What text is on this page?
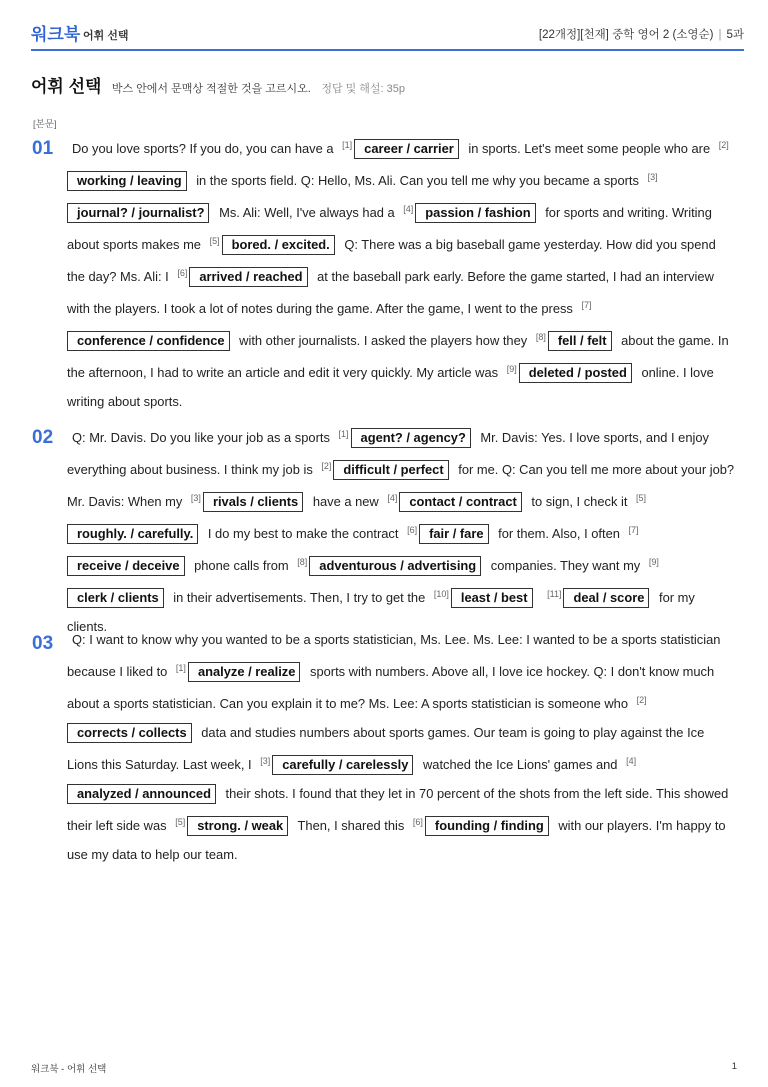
워크북 어휘 선택	[22개정][천재] 중학 영어 2 (소영순) | 5과
어휘 선택 박스 안에서 문맥상 적절한 것을 고르시오. 정답 및 해설: 35p
[본문]
01	Do you love sports? If you do, you can have a [1] career / carrier in sports. Let's meet some people who are [2]working / leaving in the sports field. Q: Hello, Ms. Ali. Can you tell me why you became a sports [3]journal? / journalist? Ms. Ali: Well, I've always had a [4] passion / fashion for sports and writing. Writing about sports makes me [5] bored. / excited. Q: There was a big baseball game yesterday. How did you spend the day? Ms. Ali: I [6] arrived / reached at the baseball park early. Before the game started, I had an interview with the players. I took a lot of notes during the game. After the game, I went to the press [7]conference / confidence with other journalists. I asked the players how they [8] fell / felt about the game. In the afternoon, I had to write an article and edit it very quickly. My article was [9] deleted / posted online. I love writing about sports.
02	Q: Mr. Davis. Do you like your job as a sports [1] agent? / agency? Mr. Davis: Yes. I love sports, and I enjoy everything about business. I think my job is [2] difficult / perfect for me. Q: Can you tell me more about your job? Mr. Davis: When my [3] rivals / clients have a new [4] contact / contract to sign, I check it [5]roughly. / carefully. I do my best to make the contract [6] fair / fare for them. Also, I often [7]receive / deceive phone calls from [8] adventurous / advertising companies. They want my [9]clerk / clients in their advertisements. Then, I try to get the [10] least / best [11] deal / score for my clients.
03	Q: I want to know why you wanted to be a sports statistician, Ms. Lee. Ms. Lee: I wanted to be a sports statistician because I liked to [1] analyze / realize sports with numbers. Above all, I love ice hockey. Q: I don't know much about a sports statistician. Can you explain it to me? Ms. Lee: A sports statistician is someone who [2]corrects / collects data and studies numbers about sports games. Our team is going to play against the Ice Lions this Saturday. Last week, I [3] carefully / carelessly watched the Ice Lions' games and [4]analyzed / announced their shots. I found that they let in 70 percent of the shots from the left side. This showed their left side was [5] strong. / weak Then, I shared this [6] founding / finding with our players. I'm happy to use my data to help our team.
워크북 - 어휘 선택	1
